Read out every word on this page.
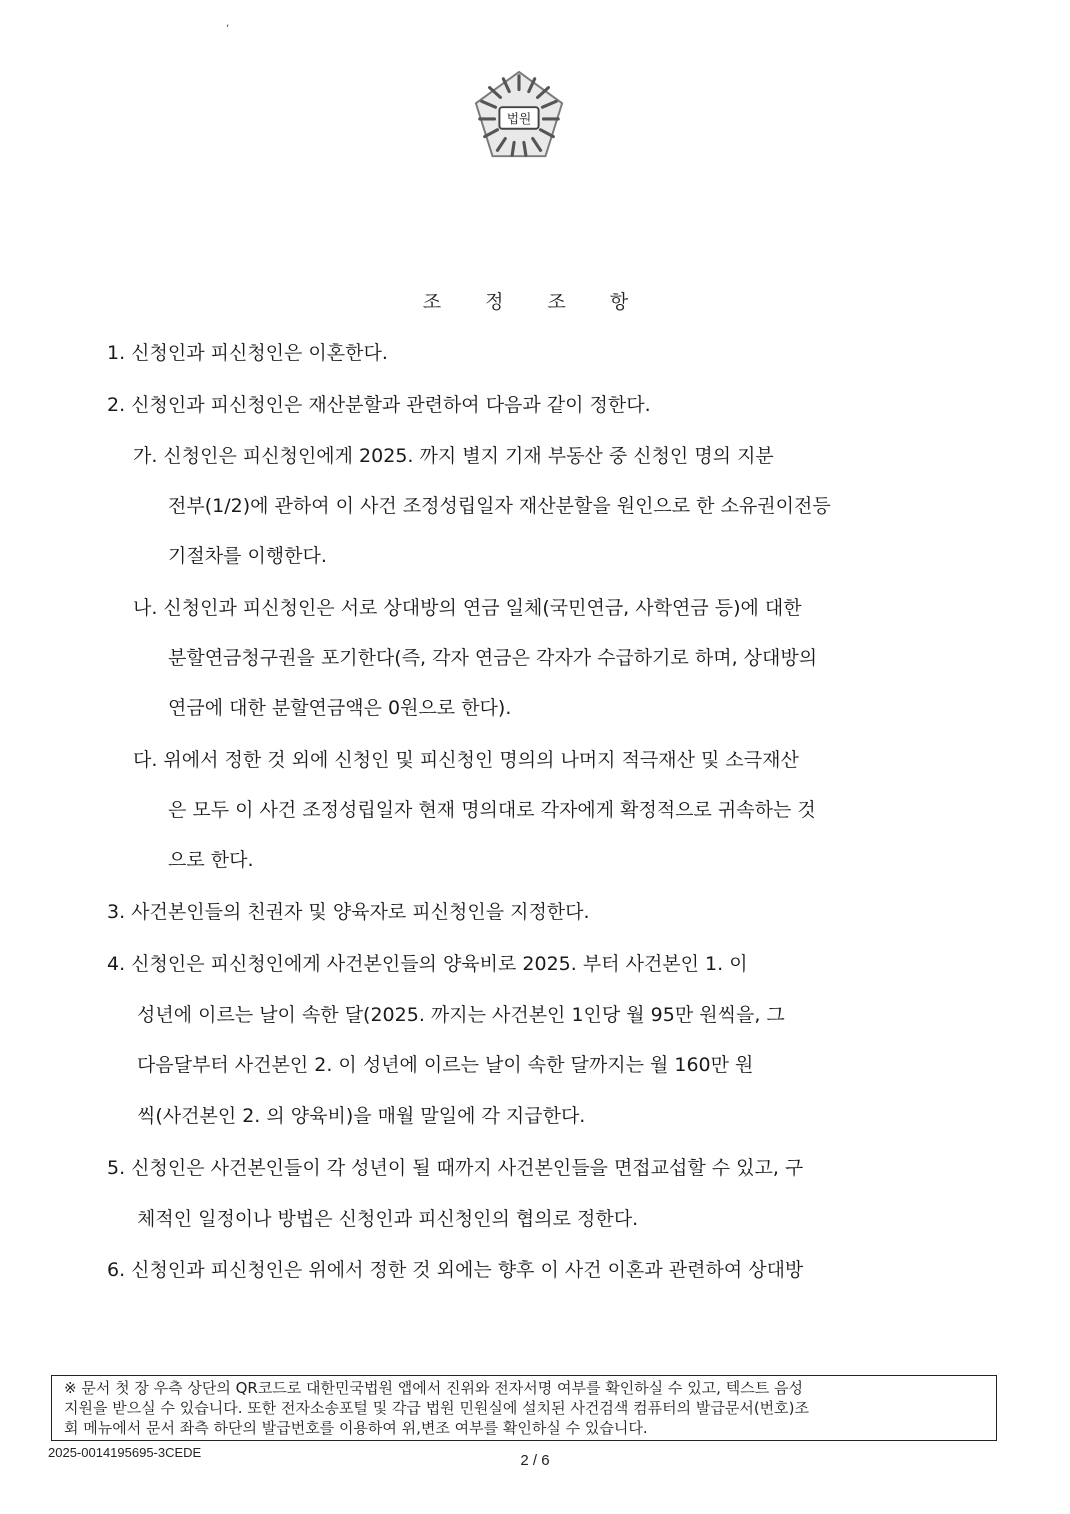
,
법원
조 정 조 항
1. 신청인과 피신청인은 이혼한다.
2. 신청인과 피신청인은 재산분할과 관련하여 다음과 같이 정한다.
가. 신청인은 피신청인에게 2025. 까지 별지 기재 부동산 중 신청인 명의 지분
전부(1/2)에 관하여 이 사건 조정성립일자 재산분할을 원인으로 한 소유권이전등
기절차를 이행한다.
나. 신청인과 피신청인은 서로 상대방의 연금 일체(국민연금, 사학연금 등)에 대한
분할연금청구권을 포기한다(즉, 각자 연금은 각자가 수급하기로 하며, 상대방의
연금에 대한 분할연금액은 0원으로 한다).
다. 위에서 정한 것 외에 신청인 및 피신청인 명의의 나머지 적극재산 및 소극재산
은 모두 이 사건 조정성립일자 현재 명의대로 각자에게 확정적으로 귀속하는 것
으로 한다.
3. 사건본인들의 친권자 및 양육자로 피신청인을 지정한다.
4. 신청인은 피신청인에게 사건본인들의 양육비로 2025. 부터 사건본인 1. 이
성년에 이르는 날이 속한 달(2025. 까지는 사건본인 1인당 월 95만 원씩을, 그
다음달부터 사건본인 2. 이 성년에 이르는 날이 속한 달까지는 월 160만 원
씩(사건본인 2. 의 양육비)을 매월 말일에 각 지급한다.
5. 신청인은 사건본인들이 각 성년이 될 때까지 사건본인들을 면접교섭할 수 있고, 구
체적인 일정이나 방법은 신청인과 피신청인의 협의로 정한다.
6. 신청인과 피신청인은 위에서 정한 것 외에는 향후 이 사건 이혼과 관련하여 상대방
※ 문서 첫 장 우측 상단의 QR코드로 대한민국법원 앱에서 진위와 전자서명 여부를 확인하실 수 있고, 텍스트 음성
지원을 받으실 수 있습니다. 또한 전자소송포털 및 각급 법원 민원실에 설치된 사건검색 컴퓨터의 발급문서(번호)조
회 메뉴에서 문서 좌측 하단의 발급번호를 이용하여 위,변조 여부를 확인하실 수 있습니다.
2025-0014195695-3CEDE	2 / 6
